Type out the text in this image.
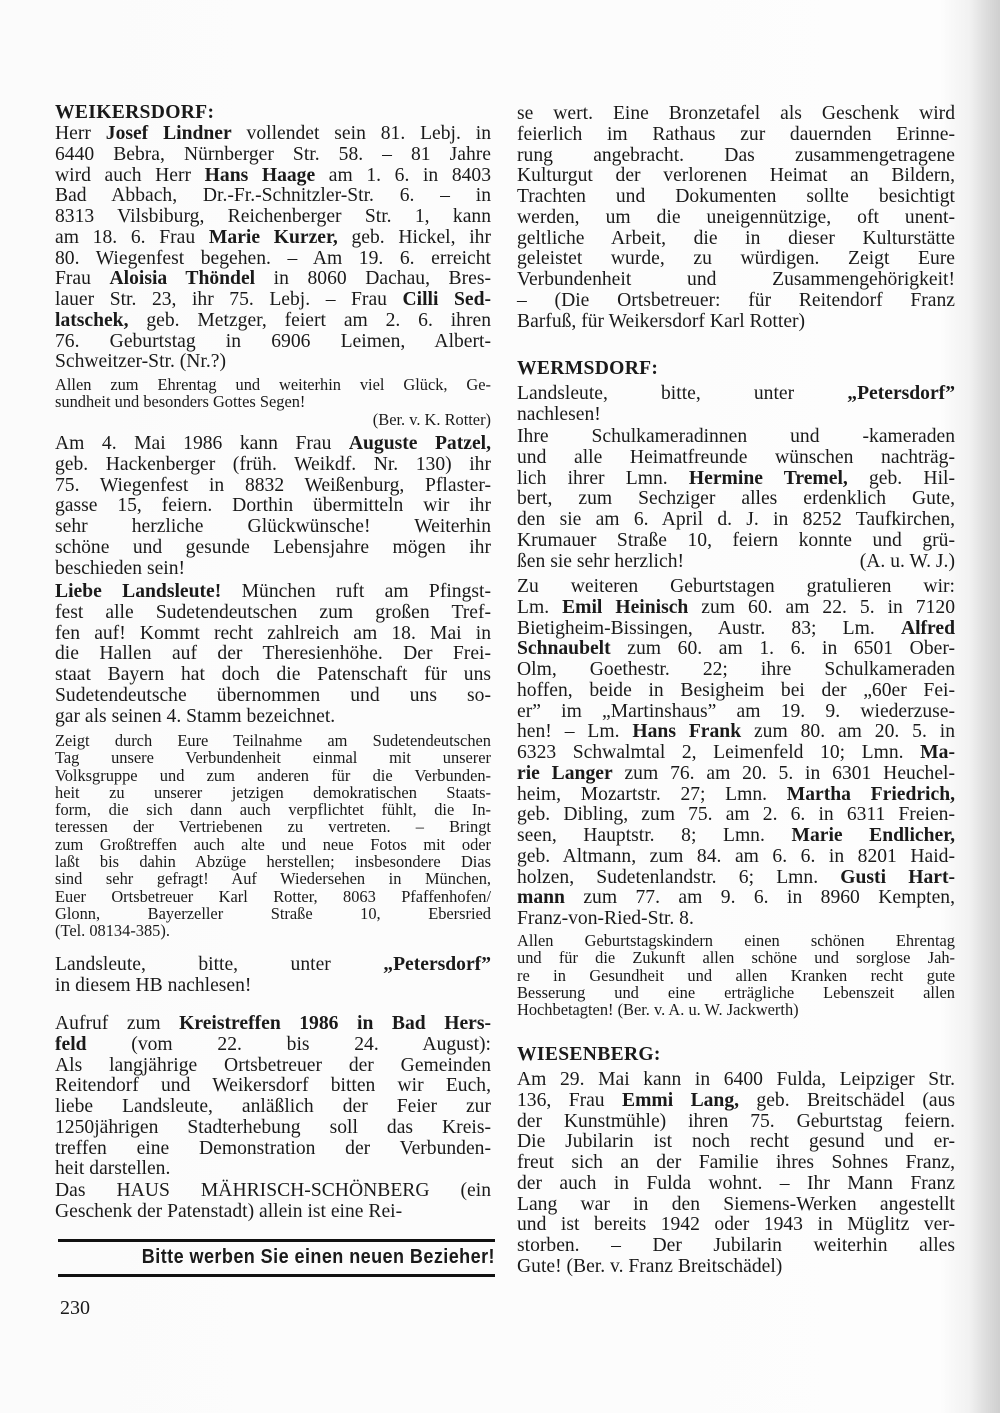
WEIKERSDORF:
Herr Josef Lindner vollendet sein 81. Lebj. in
6440 Bebra, Nürnberger Str. 58. – 81 Jahre
wird auch Herr Hans Haage am 1. 6. in 8403
Bad Abbach, Dr.-Fr.-Schnitzler-Str. 6. – in
8313 Vilsbiburg, Reichenberger Str. 1, kann
am 18. 6. Frau Marie Kurzer, geb. Hickel, ihr
80. Wiegenfest begehen. – Am 19. 6. erreicht
Frau Aloisia Thöndel in 8060 Dachau, Bres-
lauer Str. 23, ihr 75. Lebj. – Frau Cilli Sed-
latschek, geb. Metzger, feiert am 2. 6. ihren
76. Geburtstag in 6906 Leimen, Albert-
Schweitzer-Str. (Nr.?)
Allen zum Ehrentag und weiterhin viel Glück, Ge-
sundheit und besonders Gottes Segen!
(Ber. v. K. Rotter)
Am 4. Mai 1986 kann Frau Auguste Patzel,
geb. Hackenberger (früh. Weikdf. Nr. 130) ihr
75. Wiegenfest in 8832 Weißenburg, Pflaster-
gasse 15, feiern. Dorthin übermitteln wir ihr
sehr herzliche Glückwünsche! Weiterhin
schöne und gesunde Lebensjahre mögen ihr
beschieden sein!
Liebe Landsleute! München ruft am Pfingst-
fest alle Sudetendeutschen zum großen Tref-
fen auf! Kommt recht zahlreich am 18. Mai in
die Hallen auf der Theresienhöhe. Der Frei-
staat Bayern hat doch die Patenschaft für uns
Sudetendeutsche übernommen und uns so-
gar als seinen 4. Stamm bezeichnet.
Zeigt durch Eure Teilnahme am Sudetendeutschen
Tag unsere Verbundenheit einmal mit unserer
Volksgruppe und zum anderen für die Verbunden-
heit zu unserer jetzigen demokratischen Staats-
form, die sich dann auch verpflichtet fühlt, die In-
teressen der Vertriebenen zu vertreten. – Bringt
zum Großtreffen auch alte und neue Fotos mit oder
laßt bis dahin Abzüge herstellen; insbesondere Dias
sind sehr gefragt! Auf Wiedersehen in München,
Euer Ortsbetreuer Karl Rotter, 8063 Pfaffenhofen/
Glonn, Bayerzeller Straße 10, Ebersried
(Tel. 08134-385).
Landsleute, bitte, unter „Petersdorf”
in diesem HB nachlesen!
Aufruf zum Kreistreffen 1986 in Bad Hers-
feld (vom 22. bis 24. August):
Als langjährige Ortsbetreuer der Gemeinden
Reitendorf und Weikersdorf bitten wir Euch,
liebe Landsleute, anläßlich der Feier zur
1250jährigen Stadterhebung soll das Kreis-
treffen eine Demonstration der Verbunden-
heit darstellen.
Das HAUS MÄHRISCH-SCHÖNBERG (ein
Geschenk der Patenstadt) allein ist eine Rei-
Bitte werben Sie einen neuen Bezieher!
230
se wert. Eine Bronzetafel als Geschenk wird
feierlich im Rathaus zur dauernden Erinne-
rung angebracht. Das zusammengetragene
Kulturgut der verlorenen Heimat an Bildern,
Trachten und Dokumenten sollte besichtigt
werden, um die uneigennützige, oft unent-
geltliche Arbeit, die in dieser Kulturstätte
geleistet wurde, zu würdigen. Zeigt Eure
Verbundenheit und Zusammengehörigkeit!
– (Die Ortsbetreuer: für Reitendorf Franz
Barfuß, für Weikersdorf Karl Rotter)
WERMSDORF:
Landsleute, bitte, unter „Petersdorf”
nachlesen!
Ihre Schulkameradinnen und -kameraden
und alle Heimatfreunde wünschen nachträg-
lich ihrer Lmn. Hermine Tremel, geb. Hil-
bert, zum Sechziger alles erdenklich Gute,
den sie am 6. April d. J. in 8252 Taufkirchen,
Krumauer Straße 10, feiern konnte und grü-
ßen sie sehr herzlich!	(A. u. W. J.)
Zu weiteren Geburtstagen gratulieren wir:
Lm. Emil Heinisch zum 60. am 22. 5. in 7120
Bietigheim-Bissingen, Austr. 83; Lm. Alfred
Schnaubelt zum 60. am 1. 6. in 6501 Ober-
Olm, Goethestr. 22; ihre Schulkameraden
hoffen, beide in Besigheim bei der „60er Fei-
er” im „Martinshaus” am 19. 9. wiederzuse-
hen! – Lm. Hans Frank zum 80. am 20. 5. in
6323 Schwalmtal 2, Leimenfeld 10; Lmn. Ma-
rie Langer zum 76. am 20. 5. in 6301 Heuchel-
heim, Mozartstr. 27; Lmn. Martha Friedrich,
geb. Dibling, zum 75. am 2. 6. in 6311 Freien-
seen, Hauptstr. 8; Lmn. Marie Endlicher,
geb. Altmann, zum 84. am 6. 6. in 8201 Haid-
holzen, Sudetenlandstr. 6; Lmn. Gusti Hart-
mann zum 77. am 9. 6. in 8960 Kempten,
Franz-von-Ried-Str. 8.
Allen Geburtstagskindern einen schönen Ehrentag
und für die Zukunft allen schöne und sorglose Jah-
re in Gesundheit und allen Kranken recht gute
Besserung und eine erträgliche Lebenszeit allen
Hochbetagten! (Ber. v. A. u. W. Jackwerth)
WIESENBERG:
Am 29. Mai kann in 6400 Fulda, Leipziger Str.
136, Frau Emmi Lang, geb. Breitschädel (aus
der Kunstmühle) ihren 75. Geburtstag feiern.
Die Jubilarin ist noch recht gesund und er-
freut sich an der Familie ihres Sohnes Franz,
der auch in Fulda wohnt. – Ihr Mann Franz
Lang war in den Siemens-Werken angestellt
und ist bereits 1942 oder 1943 in Müglitz ver-
storben. – Der Jubilarin weiterhin alles
Gute! (Ber. v. Franz Breitschädel)
